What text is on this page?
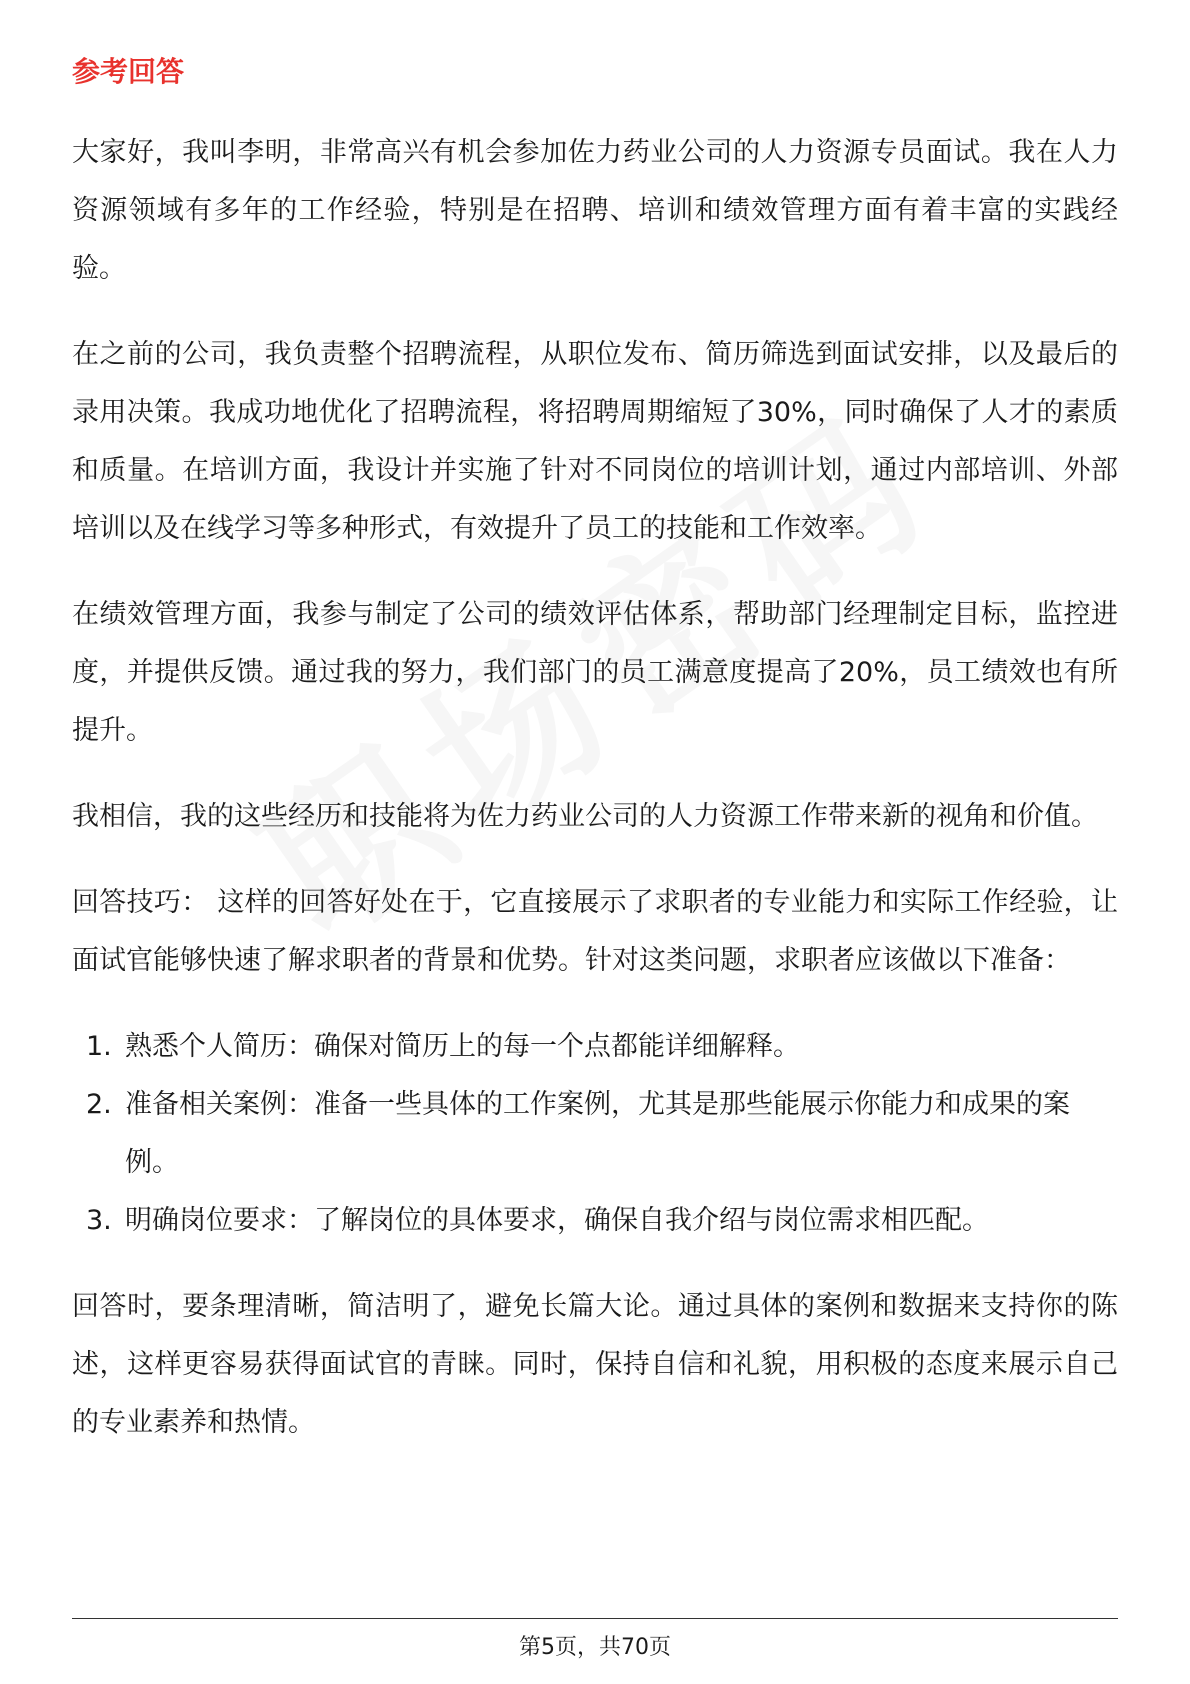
参考回答

大家好，我叫李明，非常高兴有机会参加佐力药业公司的人力资源专员面试。我在人力资源领域有多年的工作经验，特别是在招聘、培训和绩效管理方面有着丰富的实践经验。

在之前的公司，我负责整个招聘流程，从职位发布、简历筛选到面试安排，以及最后的录用决策。我成功地优化了招聘流程，将招聘周期缩短了30%，同时确保了人才的素质和质量。在培训方面，我设计并实施了针对不同岗位的培训计划，通过内部培训、外部培训以及在线学习等多种形式，有效提升了员工的技能和工作效率。

在绩效管理方面，我参与制定了公司的绩效评估体系，帮助部门经理制定目标，监控进度，并提供反馈。通过我的努力，我们部门的员工满意度提高了20%，员工绩效也有所提升。

我相信，我的这些经历和技能将为佐力药业公司的人力资源工作带来新的视角和价值。

回答技巧： 这样的回答好处在于，它直接展示了求职者的专业能力和实际工作经验，让面试官能够快速了解求职者的背景和优势。针对这类问题，求职者应该做以下准备：

1. 熟悉个人简历：确保对简历上的每一个点都能详细解释。
2. 准备相关案例：准备一些具体的工作案例，尤其是那些能展示你能力和成果的案例。
3. 明确岗位要求：了解岗位的具体要求，确保自我介绍与岗位需求相匹配。

回答时，要条理清晰，简洁明了，避免长篇大论。通过具体的案例和数据来支持你的陈述，这样更容易获得面试官的青睐。同时，保持自信和礼貌，用积极的态度来展示自己的专业素养和热情。

第5页，共70页
